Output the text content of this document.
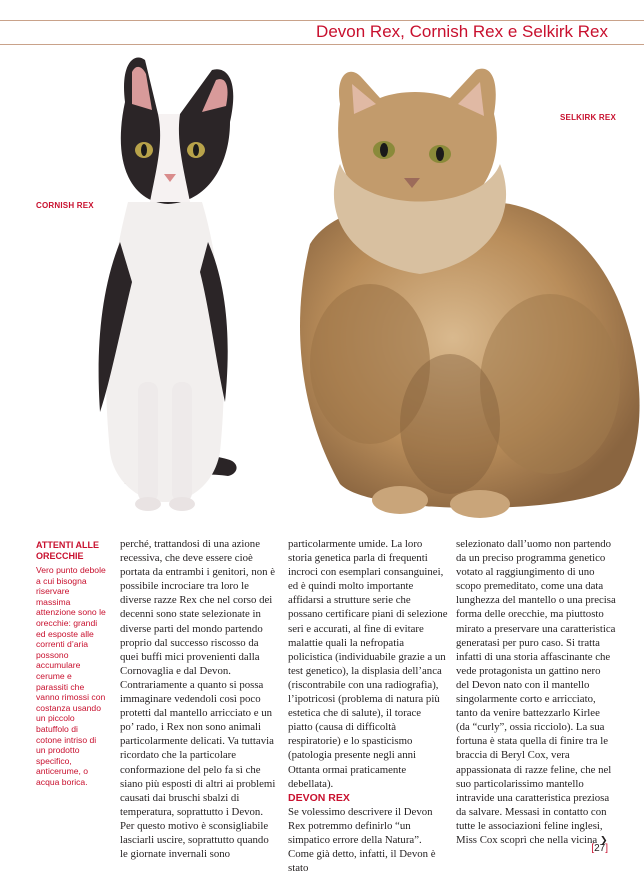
Devon Rex, Cornish Rex e Selkirk Rex
CORNISH REX
SELKIRK REX
ATTENTI ALLE ORECCHIE
Vero punto debole a cui bisogna riservare massima attenzione sono le orecchie: grandi ed esposte alle correnti d’aria possono accumulare cerume e parassiti che vanno rimossi con costanza usando un piccolo batuffolo di cotone intriso di un prodotto specifico, anticerume, o acqua borica.

perché, trattandosi di una azione recessiva, che deve essere cioè portata da entrambi i genitori, non è possibile incrociare tra loro le diverse razze Rex che nel corso dei decenni sono state selezionate in diverse parti del mondo partendo proprio dal successo riscosso da quei buffi mici provenienti dalla Cornovaglia e dal Devon.

Contrariamente a quanto si possa immaginare vedendoli così poco protetti dal mantello arricciato e un po’ rado, i Rex non sono animali particolarmente delicati. Va tuttavia ricordato che la particolare conformazione del pelo fa sì che siano più esposti di altri ai problemi causati dai bruschi sbalzi di temperatura, soprattutto i Devon. Per questo motivo è sconsigliabile lasciarli uscire, soprattutto quando le giornate invernali sono

particolarmente umide. La loro storia genetica parla di frequenti incroci con esemplari consanguinei, ed è quindi molto importante affidarsi a strutture serie che possano certificare piani di selezione seri e accurati, al fine di evitare malattie quali la nefropatia policistica (individuabile grazie a un test genetico), la displasia dell’anca (riscontrabile con una radiografia), l’ipotricosi (problema di natura più estetica che di salute), il torace piatto (causa di difficoltà respiratorie) e lo spasticismo (patologia presente negli anni Ottanta ormai praticamente debellata).

DEVON REX

Se volessimo descrivere il Devon Rex potremmo definirlo “un simpatico errore della Natura”. Come già detto, infatti, il Devon è stato

selezionato dall’uomo non partendo da un preciso programma genetico votato al raggiungimento di uno scopo premeditato, come una data lunghezza del mantello o una precisa forma delle orecchie, ma piuttosto mirato a preservare una caratteristica generatasi per puro caso. Si tratta infatti di una storia affascinante che vede protagonista un gattino nero del Devon nato con il mantello singolarmente corto e arricciato, tanto da venire battezzarlo Kirlee (da “curly”, ossia ricciolo). La sua fortuna è stata quella di finire tra le braccia di Beryl Cox, vera appassionata di razze feline, che nel suo particolarissimo mantello intravide una caratteristica preziosa da salvare. Messasi in contatto con tutte le associazioni feline inglesi, Miss Cox scoprì che nella vicina ❯

[27]
